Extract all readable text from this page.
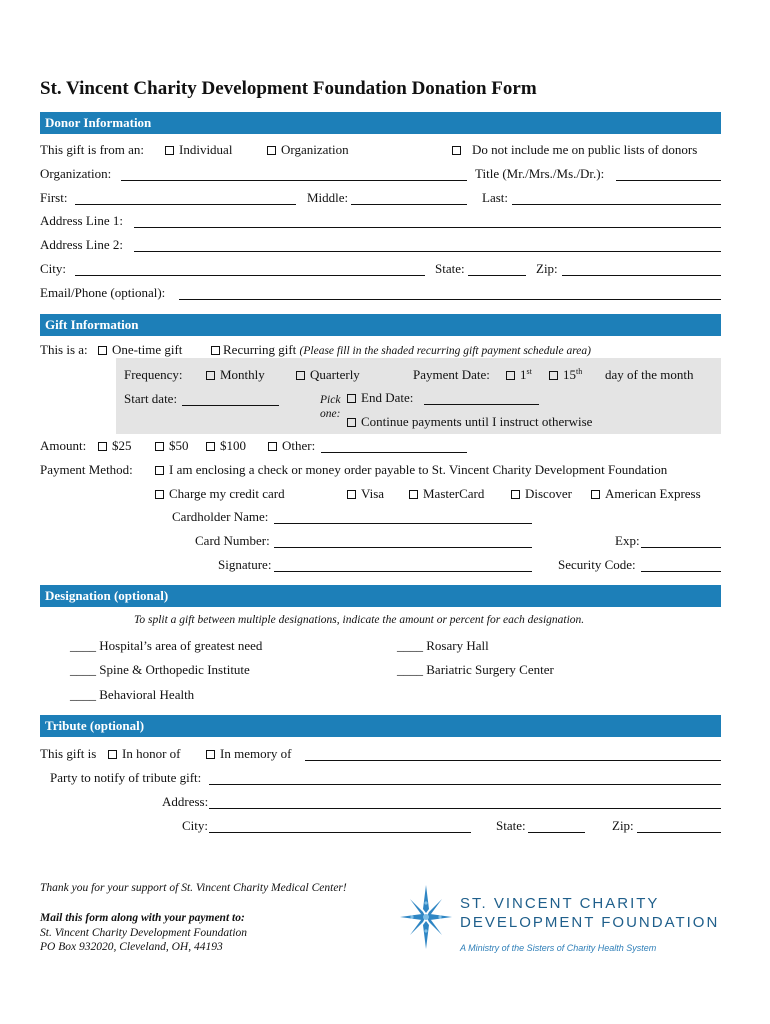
St. Vincent Charity Development Foundation Donation Form
Donor Information
This gift is from an:	Individual	Organization	Do not include me on public lists of donors
Organization:	Title (Mr./Mrs./Ms./Dr.):
First:	Middle:	Last:
Address Line 1:
Address Line 2:
City:	State:	Zip:
Email/Phone (optional):
Gift Information
This is a:	One-time gift	Recurring gift (Please fill in the shaded recurring gift payment schedule area)
Frequency:	Monthly	Quarterly	Payment Date:	1st	15th day of the month
Start date:	Pick
one:
End Date:
Continue payments until I instruct otherwise
Amount:	$25	$50	$100	Other:
Payment Method:	I am enclosing a check or money order payable to St. Vincent Charity Development Foundation
Charge my credit card	Visa	MasterCard	Discover	American Express
Cardholder Name:
Card Number:	Exp:
Signature:	Security Code:
Designation (optional)
To split a gift between multiple designations, indicate the amount or percent for each designation.
____ Hospital’s area of greatest need	____ Rosary Hall
____ Spine & Orthopedic Institute	____ Bariatric Surgery Center
____ Behavioral Health
Tribute (optional)
This gift is	In honor of	In memory of
Party to notify of tribute gift:
Address:
City:	State:	Zip:
Thank you for your support of St. Vincent Charity Medical Center!
Mail this form along with your payment to:
St. Vincent Charity Development Foundation
PO Box 932020, Cleveland, OH, 44193
ST. VINCENT CHARITY
DEVELOPMENT FOUNDATION
A Ministry of the Sisters of Charity Health System
